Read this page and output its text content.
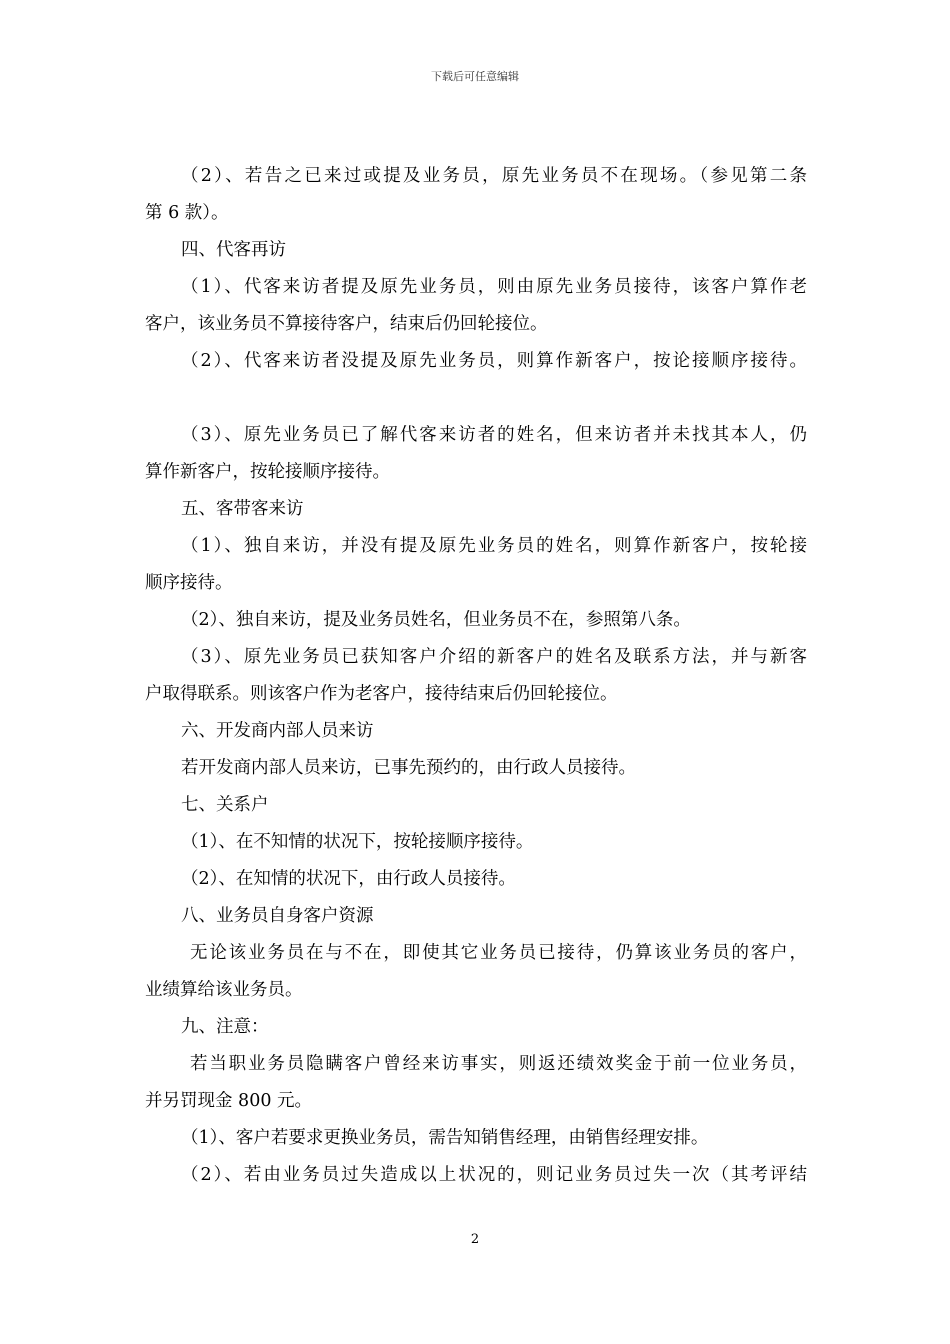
下载后可任意编辑
（2）、若告之已来过或提及业务员，原先业务员不在现场。（参见第二条
第 6 款）。
四、代客再访
（1）、代客来访者提及原先业务员，则由原先业务员接待，该客户算作老
客户，该业务员不算接待客户，结束后仍回轮接位。
（2）、代客来访者没提及原先业务员，则算作新客户，按论接顺序接待。
（3）、原先业务员已了解代客来访者的姓名，但来访者并未找其本人，仍
算作新客户，按轮接顺序接待。
五、客带客来访
（1）、独自来访，并没有提及原先业务员的姓名，则算作新客户，按轮接
顺序接待。
（2）、独自来访，提及业务员姓名，但业务员不在，参照第八条。
（3）、原先业务员已获知客户介绍的新客户的姓名及联系方法，并与新客
户取得联系。则该客户作为老客户，接待结束后仍回轮接位。
六、开发商内部人员来访
若开发商内部人员来访，已事先预约的，由行政人员接待。
七、关系户
（1）、在不知情的状况下，按轮接顺序接待。
（2）、在知情的状况下，由行政人员接待。
八、业务员自身客户资源
无论该业务员在与不在，即使其它业务员已接待，仍算该业务员的客户，
业绩算给该业务员。
九、注意：
若当职业务员隐瞒客户曾经来访事实，则返还绩效奖金于前一位业务员，
并另罚现金 800 元。
（1）、客户若要求更换业务员，需告知销售经理，由销售经理安排。
（2）、若由业务员过失造成以上状况的，则记业务员过失一次（其考评结
2
